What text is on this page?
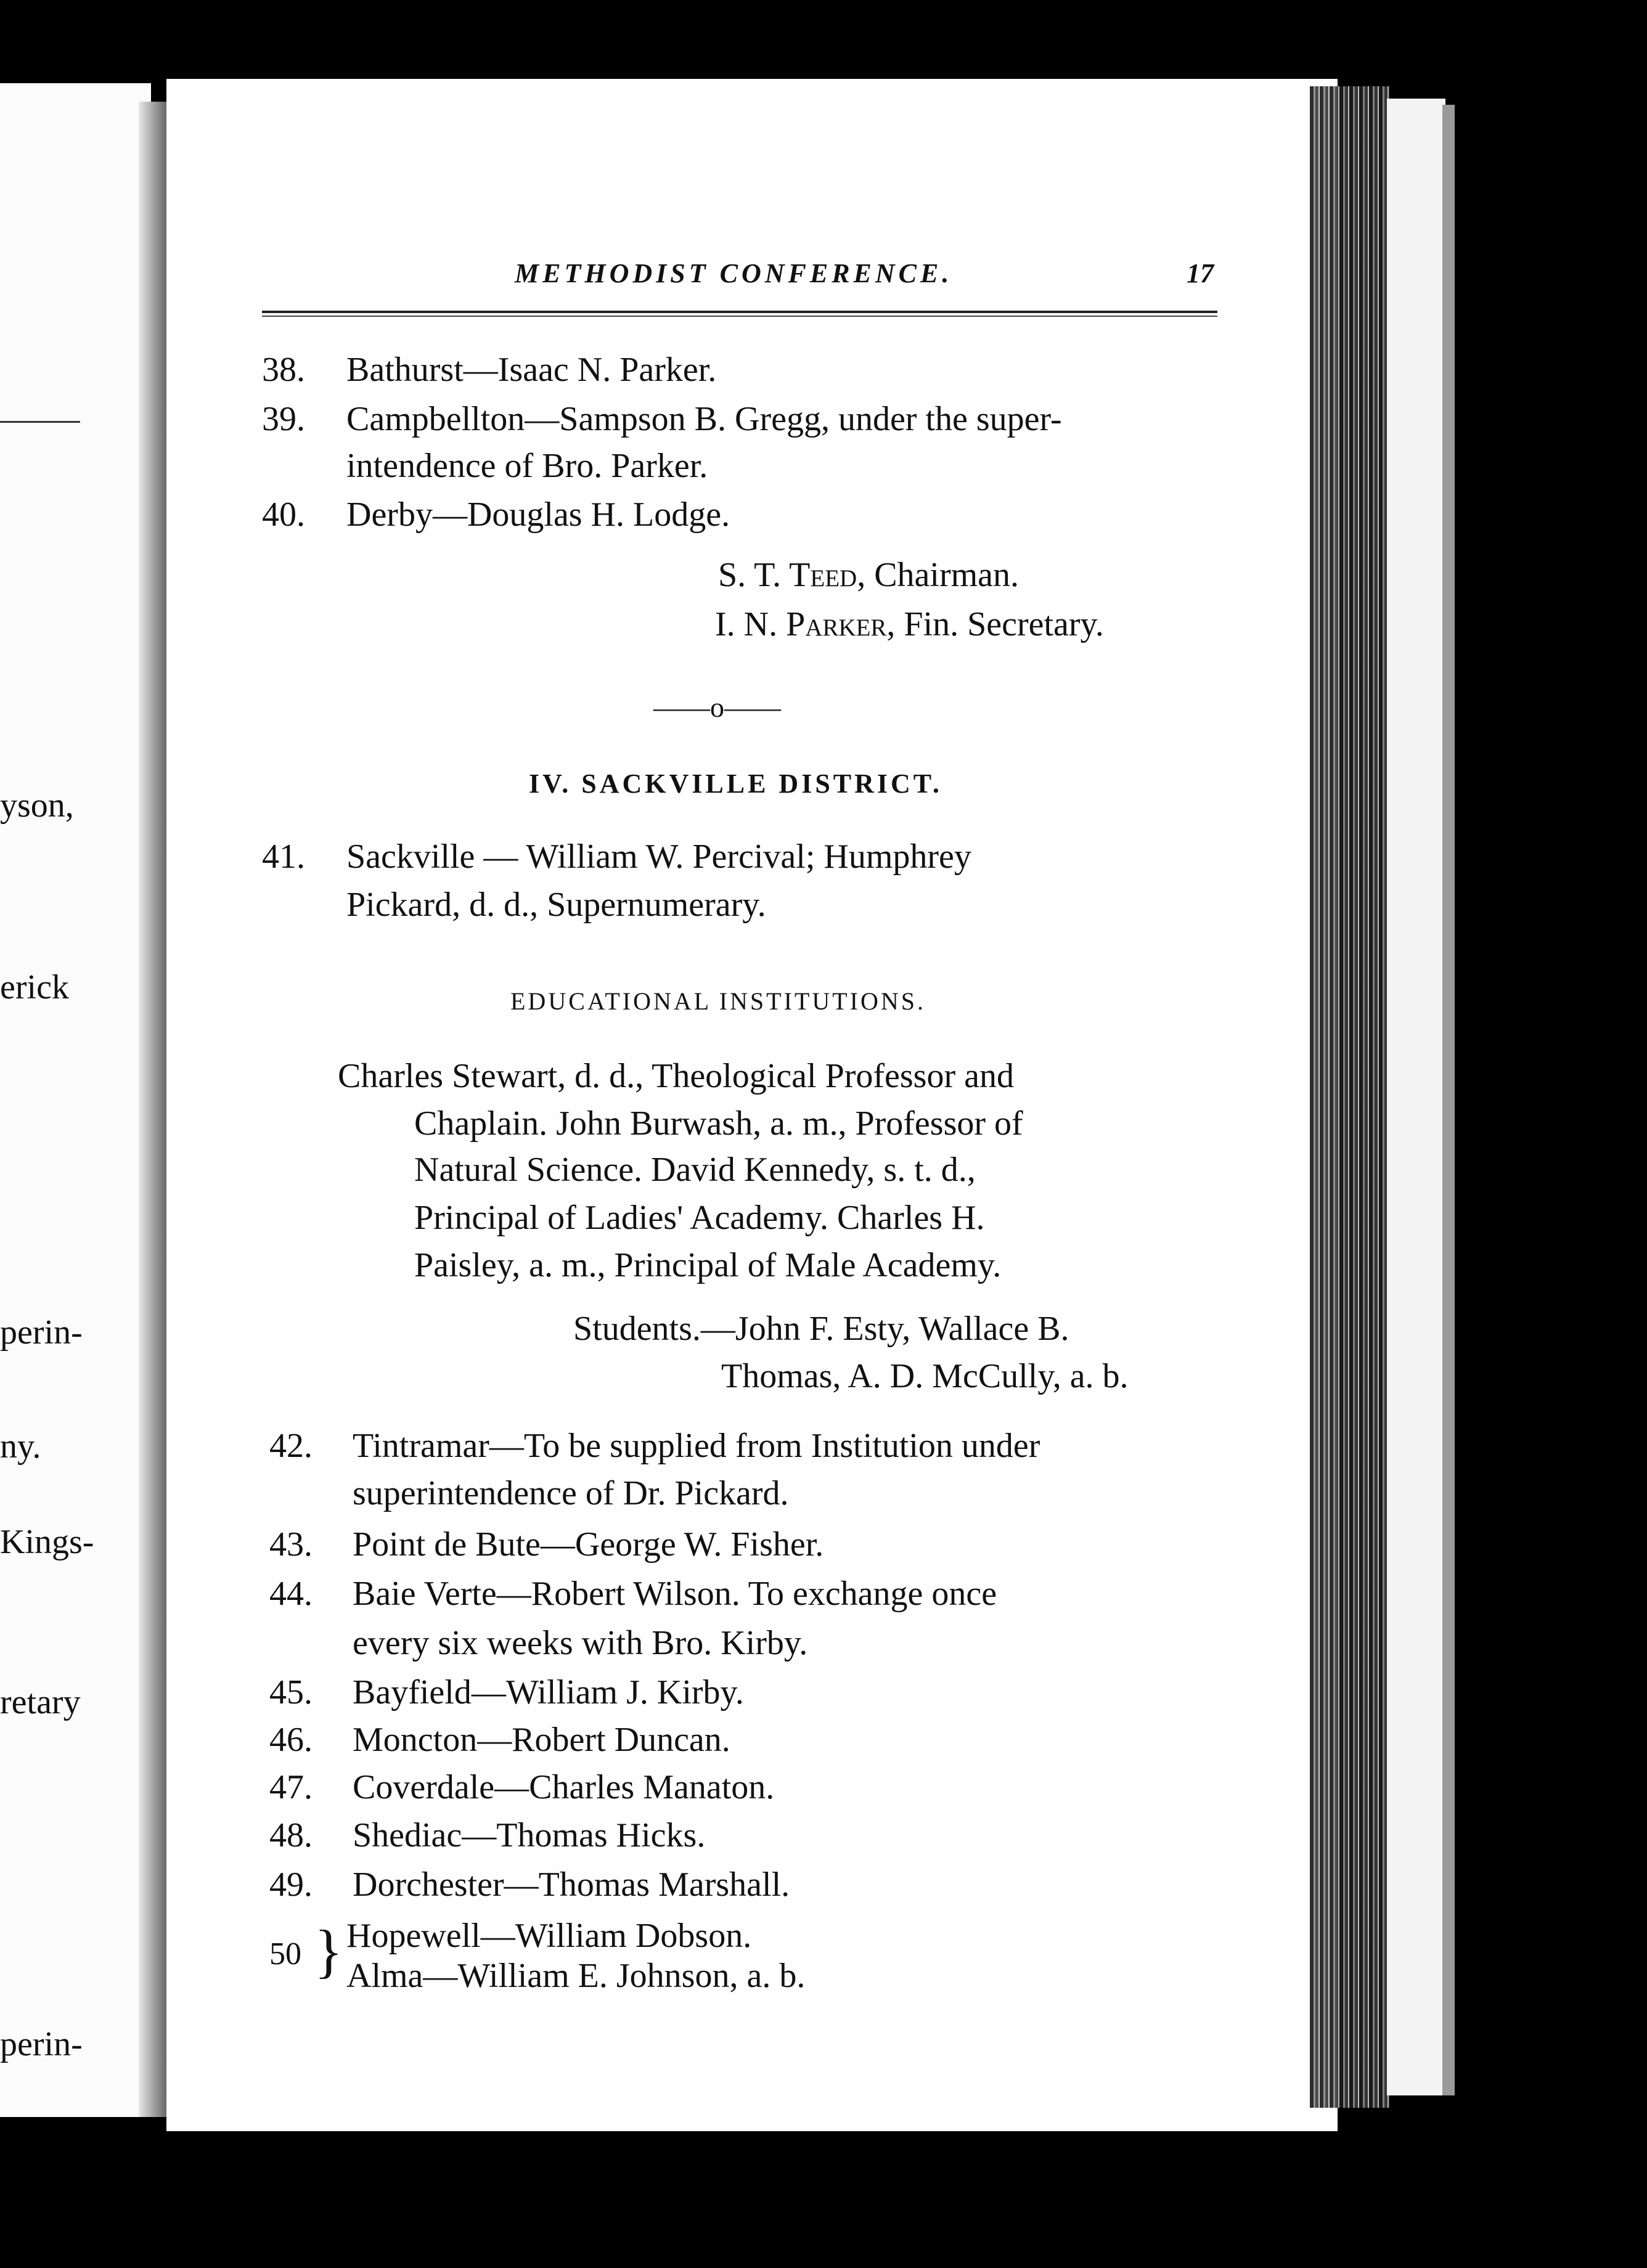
yson,
erick
perin-
ny.
Kings-
retary
perin-
METHODIST CONFERENCE.	17
38. Bathurst—Isaac N. Parker.
39. Campbellton—Sampson B. Gregg, under the super-
intendence of Bro. Parker.
40. Derby—Douglas H. Lodge.
S. T. Teed, Chairman.
I. N. Parker, Fin. Secretary.
——o——
IV. SACKVILLE DISTRICT.
41. Sackville — William W. Percival; Humphrey
Pickard, d. d., Supernumerary.
EDUCATIONAL INSTITUTIONS.
Charles Stewart, d. d., Theological Professor and
Chaplain. John Burwash, a. m., Professor of
Natural Science. David Kennedy, s. t. d.,
Principal of Ladies' Academy. Charles H.
Paisley, a. m., Principal of Male Academy.
Students.—John F. Esty, Wallace B.
Thomas, A. D. McCully, a. b.
42. Tintramar—To be supplied from Institution under
superintendence of Dr. Pickard.
43. Point de Bute—George W. Fisher.
44. Baie Verte—Robert Wilson. To exchange once
every six weeks with Bro. Kirby.
45. Bayfield—William J. Kirby.
46. Moncton—Robert Duncan.
47. Coverdale—Charles Manaton.
48. Shediac—Thomas Hicks.
49. Dorchester—Thomas Marshall.
50 } Hopewell—William Dobson.
Alma—William E. Johnson, a. b.
